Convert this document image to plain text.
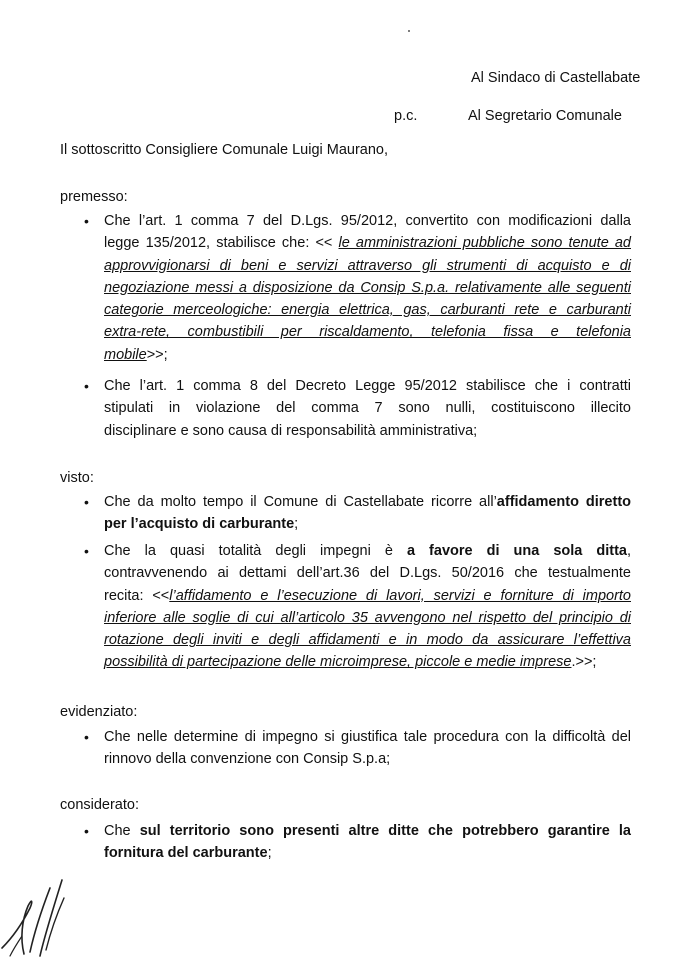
Al Sindaco di Castellabate
p.c.	Al Segretario Comunale
Il sottoscritto Consigliere Comunale Luigi Maurano,
premesso:
• Che l’art. 1 comma 7 del D.Lgs. 95/2012, convertito con modificazioni dalla
legge 135/2012, stabilisce che: << le amministrazioni pubbliche sono tenute ad
approvvigionarsi di beni e servizi attraverso gli strumenti di acquisto e di
negoziazione messi a disposizione da Consip S.p.a. relativamente alle seguenti
categorie merceologiche: energia elettrica, gas, carburanti rete e carburanti
extra-rete, combustibili per riscaldamento, telefonia fissa e telefonia
mobile>>;
• Che l’art. 1 comma 8 del Decreto Legge 95/2012 stabilisce che i contratti
stipulati in violazione del comma 7 sono nulli, costituiscono illecito
disciplinare e sono causa di responsabilità amministrativa;
visto:
• Che da molto tempo il Comune di Castellabate ricorre all’affidamento diretto
per l’acquisto di carburante;
• Che la quasi totalità degli impegni è a favore di una sola ditta,
contravvenendo ai dettami dell’art.36 del D.Lgs. 50/2016 che testualmente
recita: <<l’affidamento e l’esecuzione di lavori, servizi e forniture di importo
inferiore alle soglie di cui all’articolo 35 avvengono nel rispetto del principio di
rotazione degli inviti e degli affidamenti e in modo da assicurare l’effettiva
possibilità di partecipazione delle microimprese, piccole e medie imprese.>>;
evidenziato:
• Che nelle determine di impegno si giustifica tale procedura con la difficoltà del
rinnovo della convenzione con Consip S.p.a;
considerato:
• Che sul territorio sono presenti altre ditte che potrebbero garantire la
fornitura del carburante;
